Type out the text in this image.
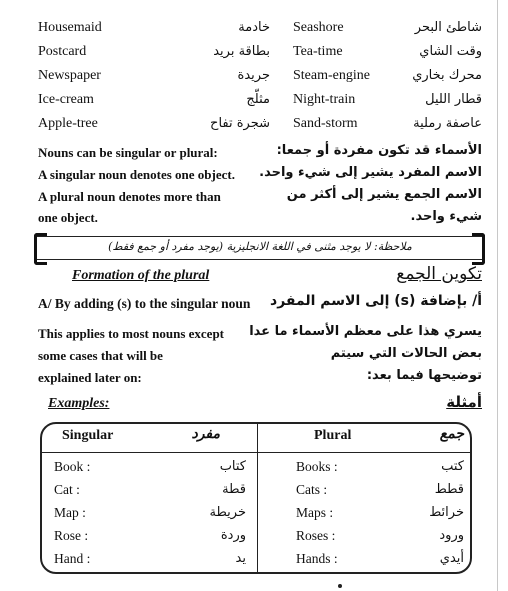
Housemaid	خادمة Seashore	شاطئ البحر
Postcard	بطاقة بريد Tea-time	وقت الشاي
Newspaper	جريدة Steam-engine	محرك بخاري
Ice-cream	مثلّج Night-train	قطار الليل
Apple-tree	شجرة تفاح Sand-storm	عاصفة رملية
Nouns can be singular or plural:
A singular noun denotes one object.
A plural noun denotes more than
one object.
الأسماء قد تكون مفردة أو جمعا:
الاسم المفرد يشير إلى شيء واحد.
الاسم الجمع يشير إلى أكثر من
شيء واحد.
ملاحظة: لا يوجد مثنى في اللغة الانجليزية (يوجد مفرد أو جمع فقط)
Formation of the plural	تكوين الجمع
A/ By adding (s) to the singular noun أ/ بإضافة (s) إلى الاسم المفرد
This applies to most nouns except
some cases that will be
explained later on:
يسري هذا على معظم الأسماء ما عدا
بعض الحالات التي سيتم
توضيحها فيما بعد:
Examples:	أمثلة
Singular	مفرد	Plural	جمع
Book :	كتاب	Books :	كتب
Cat :	قطة	Cats :	قطط
Map :	خريطة	Maps :	خرائط
Rose :	وردة	Roses :	ورود
Hand :	يد	Hands :	أيدي
